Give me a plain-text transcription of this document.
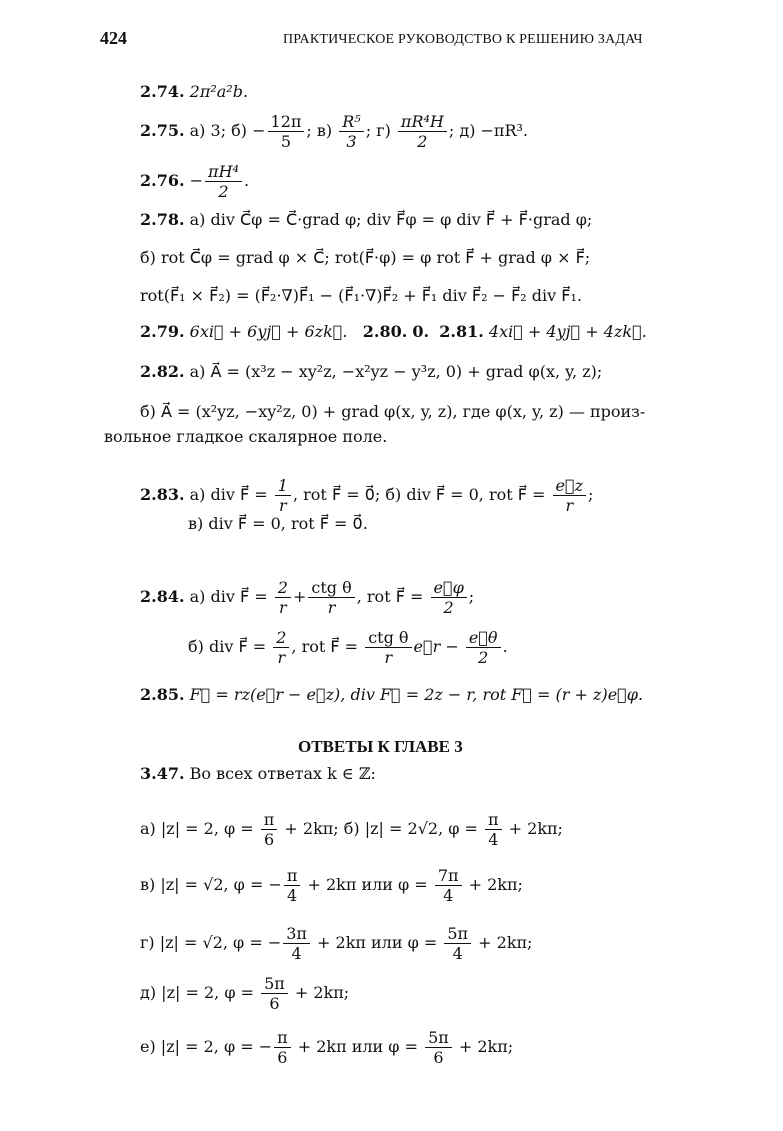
424	ПРАКТИЧЕСКОЕ РУКОВОДСТВО К РЕШЕНИЮ ЗАДАЧ
2.74. 2π²a²b.
2.75. а) 3; $б) - \frac{12\pi}{5}$ ; $в) \frac{\text{R⁵}}{3}$ ; $г) \frac{\text{πR⁴H}}{2}$ ; д) −πR³.
2.76. − $\frac{\text{πH⁴}}{2}$ .
2.78. а) div C⃗φ = C⃗·grad φ; div F⃗φ = φ div F⃗ + F⃗·grad φ;
б) rot C⃗φ = grad φ × C⃗; rot(F⃗·φ) = φ rot F⃗ + grad φ × F⃗;
rot(F⃗₁ × F⃗₂) = (F⃗₂·∇)F⃗₁ − (F⃗₁·∇)F⃗₂ + F⃗₁ div F⃗₂ − F⃗₂ div F⃗₁.
2.79. 6xi⃗ + 6yj⃗ + 6zk⃗. 2.80. 0. 2.81. 4xi⃗ + 4yj⃗ + 4zk⃗.
2.82. а) A⃗ = (x³z − xy²z, −x²yz − y³z, 0) + grad φ(x, y, z);
б) A⃗ = (x²yz, −xy²z, 0) + grad φ(x, y, z), где φ(x, y, z) — произ-
вольное гладкое скалярное поле.
2.83. а) div F⃗ = $\frac{1}{r}$ , rot F⃗ = 0⃗; б) div F⃗ = 0, rot F⃗ = $\frac{e⃗z}{r}$ ;
в) div F⃗ = 0, rot F⃗ = 0⃗.
2.84. а) div F⃗ = $\frac{2}{r} + \frac{\text{ctg θ}}{r}$ , rot F⃗ = $\frac{e⃗\varphi}{2}$ ;
б) div F⃗ = $\frac{2}{r}$ , rot F⃗ = $\frac{\text{ctg θ}}{r}$ e⃗r − $\frac{e⃗\theta}{2}$ .
2.85. F⃗ = rz(e⃗r − e⃗z), div F⃗ = 2z − r, rot F⃗ = (r + z)e⃗φ.
ОТВЕТЫ К ГЛАВЕ 3
3.47. Во всех ответах k ∈ ℤ:
а) |z| = 2, $\varphi = \frac{\pi}{6} + 2k\pi$; б) |z| = 2√2, $\varphi = \frac{\pi}{4} + 2k\pi$;
в) |z| = √2, φ = − $\frac{\pi}{4} + 2k\pi$ или $\varphi = \frac{7\pi}{4} + 2k\pi$;
г) |z| = √2, φ = − $\frac{3\pi}{4} + 2k\pi$ или $\varphi = \frac{5\pi}{4} + 2k\pi$;
д) |z| = 2, $\varphi = \frac{5\pi}{6} + 2k\pi$;
е) |z| = 2, φ = − $\frac{\pi}{6} + 2k\pi$ или $\varphi = \frac{5\pi}{6} + 2k\pi$;
